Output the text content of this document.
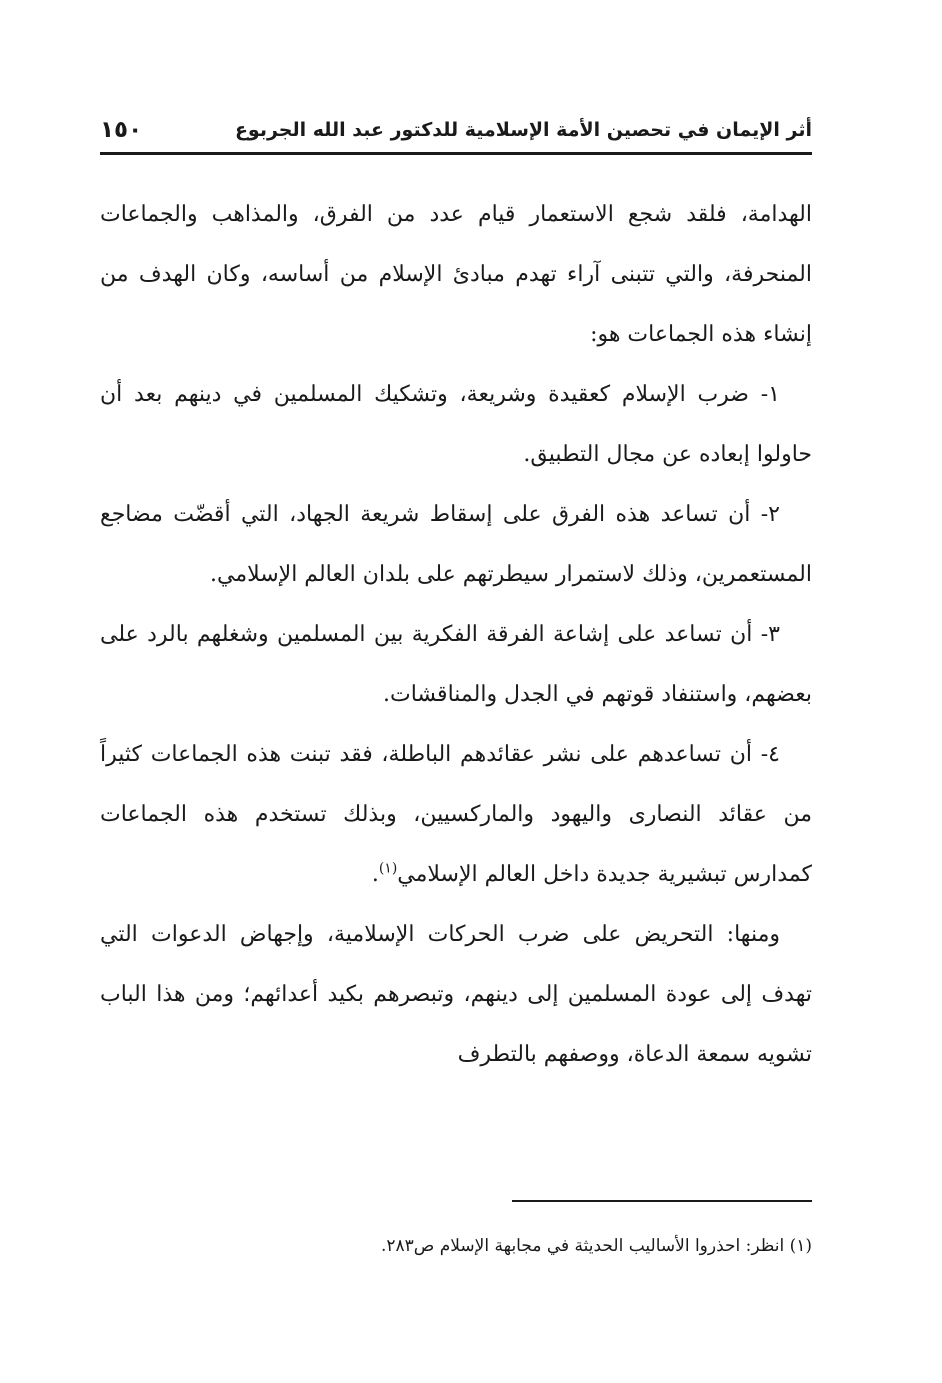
أثر الإيمان في تحصين الأمة الإسلامية للدكتور عبد الله الجربوع
١٥٠

الهدامة، فلقد شجع الاستعمار قيام عدد من الفرق، والمذاهب والجماعات المنحرفة، والتي تتبنى آراء تهدم مبادئ الإسلام من أساسه، وكان الهدف من إنشاء هذه الجماعات هو:

١- ضرب الإسلام كعقيدة وشريعة، وتشكيك المسلمين في دينهم بعد أن حاولوا إبعاده عن مجال التطبيق.

٢- أن تساعد هذه الفرق على إسقاط شريعة الجهاد، التي أقضّت مضاجع المستعمرين، وذلك لاستمرار سيطرتهم على بلدان العالم الإسلامي.

٣- أن تساعد على إشاعة الفرقة الفكرية بين المسلمين وشغلهم بالرد على بعضهم، واستنفاد قوتهم في الجدل والمناقشات.

٤- أن تساعدهم على نشر عقائدهم الباطلة، فقد تبنت هذه الجماعات كثيراً من عقائد النصارى واليهود والماركسيين، وبذلك تستخدم هذه الجماعات كمدارس تبشيرية جديدة داخل العالم الإسلامي$^{(١)}$.

ومنها: التحريض على ضرب الحركات الإسلامية، وإجهاض الدعوات التي تهدف إلى عودة المسلمين إلى دينهم، وتبصرهم بكيد أعدائهم؛ ومن هذا الباب تشويه سمعة الدعاة، ووصفهم بالتطرف

(١) انظر: احذروا الأساليب الحديثة في مجابهة الإسلام ص٢٨٣.
